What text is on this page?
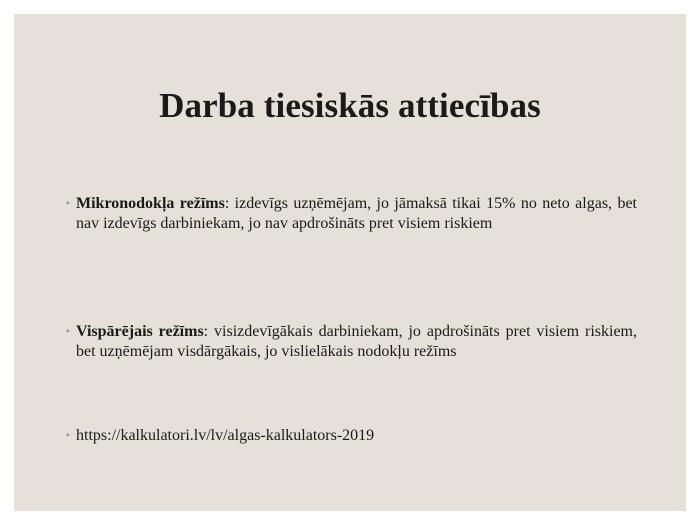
Darba tiesiskās attiecības
◦ Mikronodokļa režīms: izdevīgs uzņēmējam, jo jāmaksā tikai 15% no neto algas, bet nav izdevīgs darbiniekam, jo nav apdrošināts pret visiem riskiem
◦ Vispārējais režīms: visizdevīgākais darbiniekam, jo apdrošināts pret visiem riskiem, bet uzņēmējam visdārgākais, jo vislielākais nodokļu režīms
◦ https://kalkulatori.lv/lv/algas-kalkulators-2019
